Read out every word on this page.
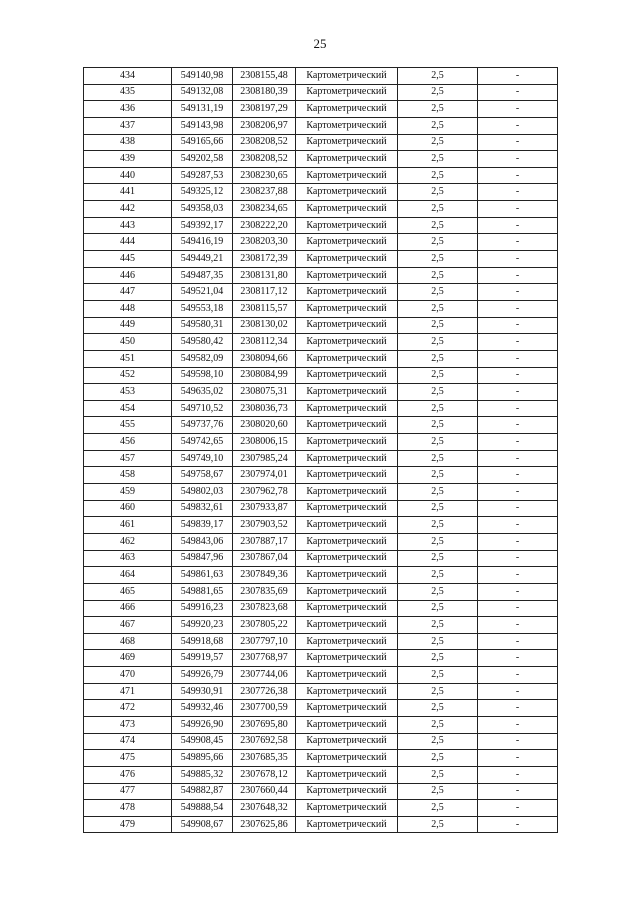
25
434	549140,98	2308155,48	Картометрический	2,5	-
435	549132,08	2308180,39	Картометрический	2,5	-
436	549131,19	2308197,29	Картометрический	2,5	-
437	549143,98	2308206,97	Картометрический	2,5	-
438	549165,66	2308208,52	Картометрический	2,5	-
439	549202,58	2308208,52	Картометрический	2,5	-
440	549287,53	2308230,65	Картометрический	2,5	-
441	549325,12	2308237,88	Картометрический	2,5	-
442	549358,03	2308234,65	Картометрический	2,5	-
443	549392,17	2308222,20	Картометрический	2,5	-
444	549416,19	2308203,30	Картометрический	2,5	-
445	549449,21	2308172,39	Картометрический	2,5	-
446	549487,35	2308131,80	Картометрический	2,5	-
447	549521,04	2308117,12	Картометрический	2,5	-
448	549553,18	2308115,57	Картометрический	2,5	-
449	549580,31	2308130,02	Картометрический	2,5	-
450	549580,42	2308112,34	Картометрический	2,5	-
451	549582,09	2308094,66	Картометрический	2,5	-
452	549598,10	2308084,99	Картометрический	2,5	-
453	549635,02	2308075,31	Картометрический	2,5	-
454	549710,52	2308036,73	Картометрический	2,5	-
455	549737,76	2308020,60	Картометрический	2,5	-
456	549742,65	2308006,15	Картометрический	2,5	-
457	549749,10	2307985,24	Картометрический	2,5	-
458	549758,67	2307974,01	Картометрический	2,5	-
459	549802,03	2307962,78	Картометрический	2,5	-
460	549832,61	2307933,87	Картометрический	2,5	-
461	549839,17	2307903,52	Картометрический	2,5	-
462	549843,06	2307887,17	Картометрический	2,5	-
463	549847,96	2307867,04	Картометрический	2,5	-
464	549861,63	2307849,36	Картометрический	2,5	-
465	549881,65	2307835,69	Картометрический	2,5	-
466	549916,23	2307823,68	Картометрический	2,5	-
467	549920,23	2307805,22	Картометрический	2,5	-
468	549918,68	2307797,10	Картометрический	2,5	-
469	549919,57	2307768,97	Картометрический	2,5	-
470	549926,79	2307744,06	Картометрический	2,5	-
471	549930,91	2307726,38	Картометрический	2,5	-
472	549932,46	2307700,59	Картометрический	2,5	-
473	549926,90	2307695,80	Картометрический	2,5	-
474	549908,45	2307692,58	Картометрический	2,5	-
475	549895,66	2307685,35	Картометрический	2,5	-
476	549885,32	2307678,12	Картометрический	2,5	-
477	549882,87	2307660,44	Картометрический	2,5	-
478	549888,54	2307648,32	Картометрический	2,5	-
479	549908,67	2307625,86	Картометрический	2,5	-
